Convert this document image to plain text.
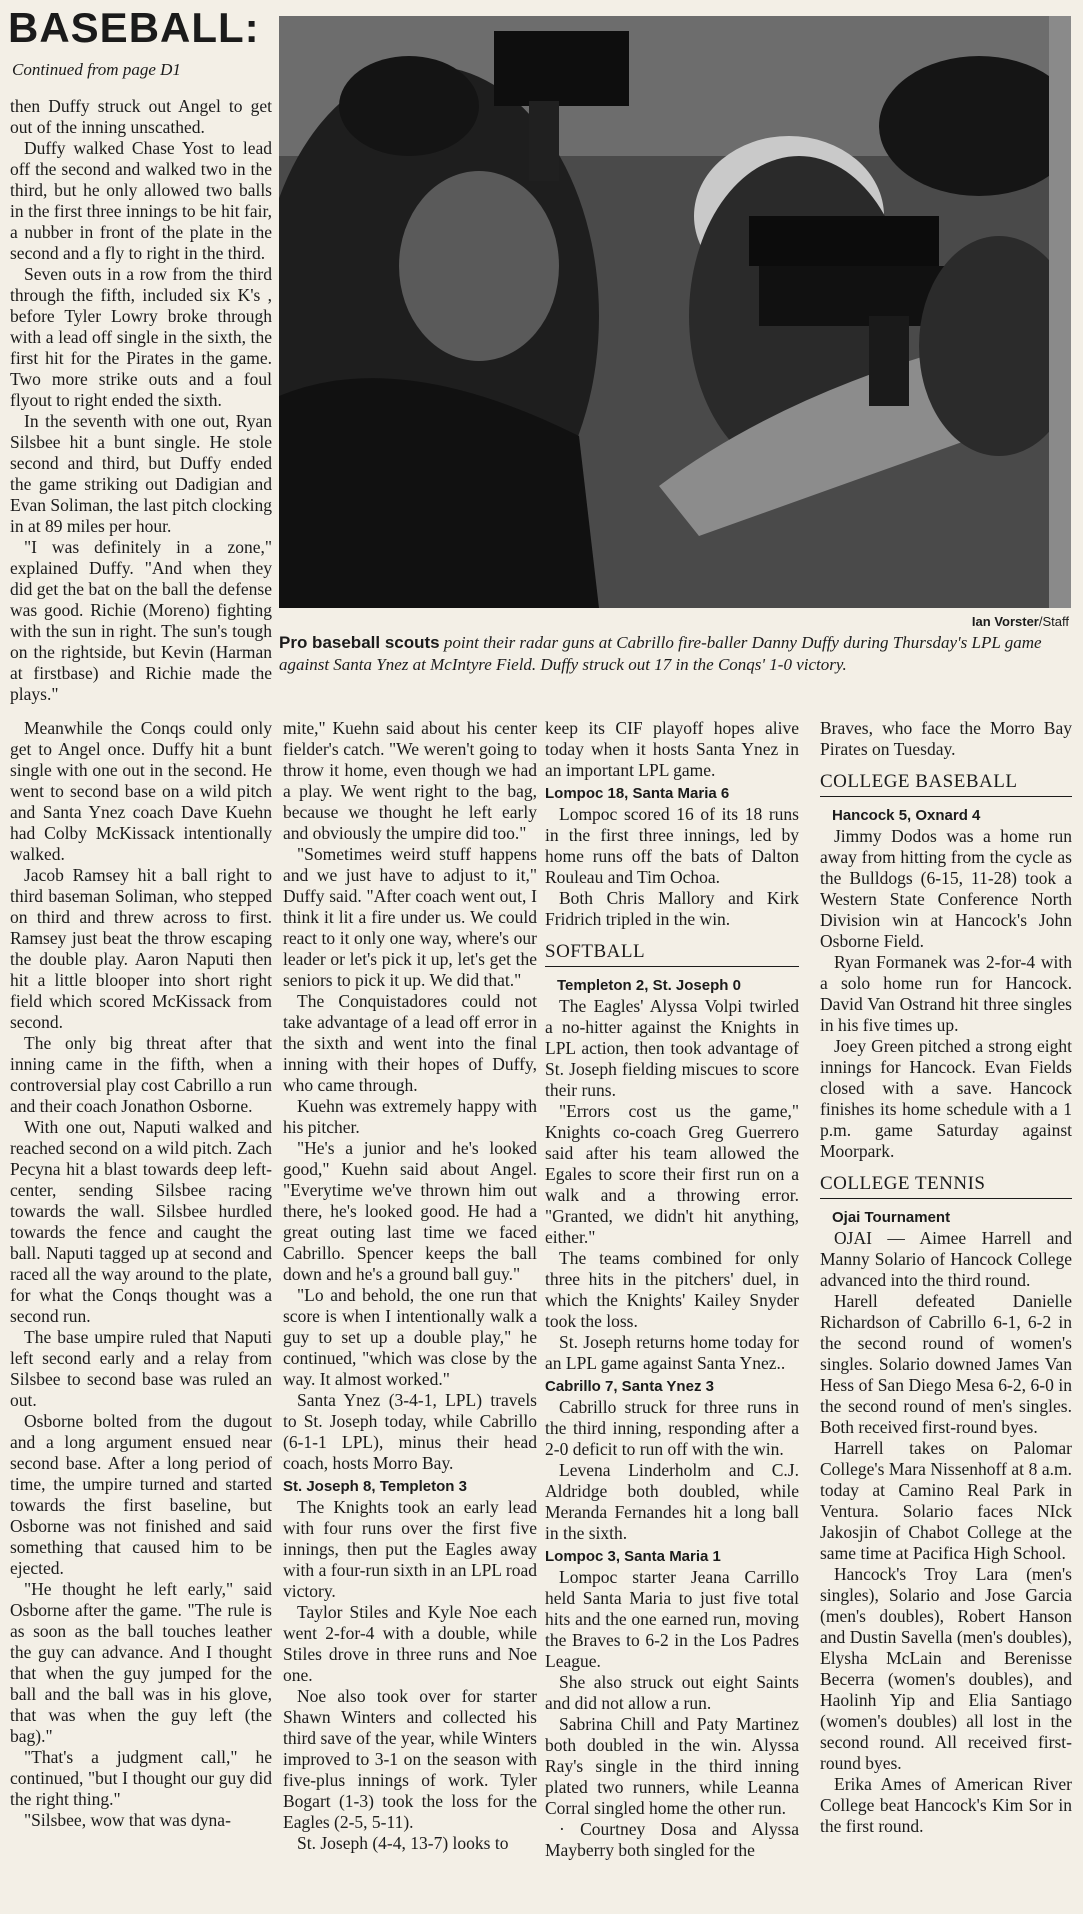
BASEBALL:
Continued from page D1
Ian Vorster/Staff
Pro baseball scouts point their radar guns at Cabrillo fire-baller Danny Duffy during Thursday's LPL game against Santa Ynez at McIntyre Field. Duffy struck out 17 in the Conqs' 1-0 victory.

then Duffy struck out Angel to get out of the inning unscathed.

Duffy walked Chase Yost to lead off the second and walked two in the third, but he only allowed two balls in the first three innings to be hit fair, a nubber in front of the plate in the second and a fly to right in the third.

Seven outs in a row from the third through the fifth, included six K's , before Tyler Lowry broke through with a lead off single in the sixth, the first hit for the Pirates in the game. Two more strike outs and a foul flyout to right ended the sixth.

In the seventh with one out, Ryan Silsbee hit a bunt single. He stole second and third, but Duffy ended the game striking out Dadigian and Evan Soliman, the last pitch clocking in at 89 miles per hour.

"I was definitely in a zone," explained Duffy. "And when they did get the bat on the ball the defense was good. Richie (Moreno) fighting with the sun in right. The sun's tough on the rightside, but Kevin (Harman at firstbase) and Richie made the plays."

Meanwhile the Conqs could only get to Angel once. Duffy hit a bunt single with one out in the second. He went to second base on a wild pitch and Santa Ynez coach Dave Kuehn had Colby McKissack intentionally walked.

Jacob Ramsey hit a ball right to third baseman Soliman, who stepped on third and threw across to first. Ramsey just beat the throw escaping the double play. Aaron Naputi then hit a little blooper into short right field which scored McKissack from second.

The only big threat after that inning came in the fifth, when a controversial play cost Cabrillo a run and their coach Jonathon Osborne.

With one out, Naputi walked and reached second on a wild pitch. Zach Pecyna hit a blast towards deep left-center, sending Silsbee racing towards the wall. Silsbee hurdled towards the fence and caught the ball. Naputi tagged up at second and raced all the way around to the plate, for what the Conqs thought was a second run.

The base umpire ruled that Naputi left second early and a relay from Silsbee to second base was ruled an out.

Osborne bolted from the dugout and a long argument ensued near second base. After a long period of time, the umpire turned and started towards the first baseline, but Osborne was not finished and said something that caused him to be ejected.

"He thought he left early," said Osborne after the game. "The rule is as soon as the ball touches leather the guy can advance. And I thought that when the guy jumped for the ball and the ball was in his glove, that was when the guy left (the bag)."

"That's a judgment call," he continued, "but I thought our guy did the right thing."

"Silsbee, wow that was dyna-

mite," Kuehn said about his center fielder's catch. "We weren't going to throw it home, even though we had a play. We went right to the bag, because we thought he left early and obviously the umpire did too."

"Sometimes weird stuff happens and we just have to adjust to it," Duffy said. "After coach went out, I think it lit a fire under us. We could react to it only one way, where's our leader or let's pick it up, let's get the seniors to pick it up. We did that."

The Conquistadores could not take advantage of a lead off error in the sixth and went into the final inning with their hopes of Duffy, who came through.

Kuehn was extremely happy with his pitcher.

"He's a junior and he's looked good," Kuehn said about Angel. "Everytime we've thrown him out there, he's looked good. He had a great outing last time we faced Cabrillo. Spencer keeps the ball down and he's a ground ball guy."

"Lo and behold, the one run that score is when I intentionally walk a guy to set up a double play," he continued, "which was close by the way. It almost worked."

Santa Ynez (3-4-1, LPL) travels to St. Joseph today, while Cabrillo (6-1-1 LPL), minus their head coach, hosts Morro Bay.

St. Joseph 8, Templeton 3

The Knights took an early lead with four runs over the first five innings, then put the Eagles away with a four-run sixth in an LPL road victory.

Taylor Stiles and Kyle Noe each went 2-for-4 with a double, while Stiles drove in three runs and Noe one.

Noe also took over for starter Shawn Winters and collected his third save of the year, while Winters improved to 3-1 on the season with five-plus innings of work. Tyler Bogart (1-3) took the loss for the Eagles (2-5, 5-11).

St. Joseph (4-4, 13-7) looks to

keep its CIF playoff hopes alive today when it hosts Santa Ynez in an important LPL game.

Lompoc 18, Santa Maria 6

Lompoc scored 16 of its 18 runs in the first three innings, led by home runs off the bats of Dalton Rouleau and Tim Ochoa.

Both Chris Mallory and Kirk Fridrich tripled in the win.

SOFTBALL
Templeton 2, St. Joseph 0

The Eagles' Alyssa Volpi twirled a no-hitter against the Knights in LPL action, then took advantage of St. Joseph fielding miscues to score their runs.

"Errors cost us the game," Knights co-coach Greg Guerrero said after his team allowed the Egales to score their first run on a walk and a throwing error. "Granted, we didn't hit anything, either."

The teams combined for only three hits in the pitchers' duel, in which the Knights' Kailey Snyder took the loss.

St. Joseph returns home today for an LPL game against Santa Ynez..

Cabrillo 7, Santa Ynez 3

Cabrillo struck for three runs in the third inning, responding after a 2-0 deficit to run off with the win.

Levena Linderholm and C.J. Aldridge both doubled, while Meranda Fernandes hit a long ball in the sixth.

Lompoc 3, Santa Maria 1

Lompoc starter Jeana Carrillo held Santa Maria to just five total hits and the one earned run, moving the Braves to 6-2 in the Los Padres League.

She also struck out eight Saints and did not allow a run.

Sabrina Chill and Paty Martinez both doubled in the win. Alyssa Ray's single in the third inning plated two runners, while Leanna Corral singled home the other run.

· Courtney Dosa and Alyssa Mayberry both singled for the

Braves, who face the Morro Bay Pirates on Tuesday.

COLLEGE BASEBALL
Hancock 5, Oxnard 4

Jimmy Dodos was a home run away from hitting from the cycle as the Bulldogs (6-15, 11-28) took a Western State Conference North Division win at Hancock's John Osborne Field.

Ryan Formanek was 2-for-4 with a solo home run for Hancock. David Van Ostrand hit three singles in his five times up.

Joey Green pitched a strong eight innings for Hancock. Evan Fields closed with a save. Hancock finishes its home schedule with a 1 p.m. game Saturday against Moorpark.

COLLEGE TENNIS
Ojai Tournament

OJAI — Aimee Harrell and Manny Solario of Hancock College advanced into the third round.

Harell defeated Danielle Richardson of Cabrillo 6-1, 6-2 in the second round of women's singles. Solario downed James Van Hess of San Diego Mesa 6-2, 6-0 in the second round of men's singles. Both received first-round byes.

Harrell takes on Palomar College's Mara Nissenhoff at 8 a.m. today at Camino Real Park in Ventura. Solario faces NIck Jakosjin of Chabot College at the same time at Pacifica High School.

Hancock's Troy Lara (men's singles), Solario and Jose Garcia (men's doubles), Robert Hanson and Dustin Savella (men's doubles), Elysha McLain and Berenisse Becerra (women's doubles), and Haolinh Yip and Elia Santiago (women's doubles) all lost in the second round. All received first-round byes.

Erika Ames of American River College beat Hancock's Kim Sor in the first round.
